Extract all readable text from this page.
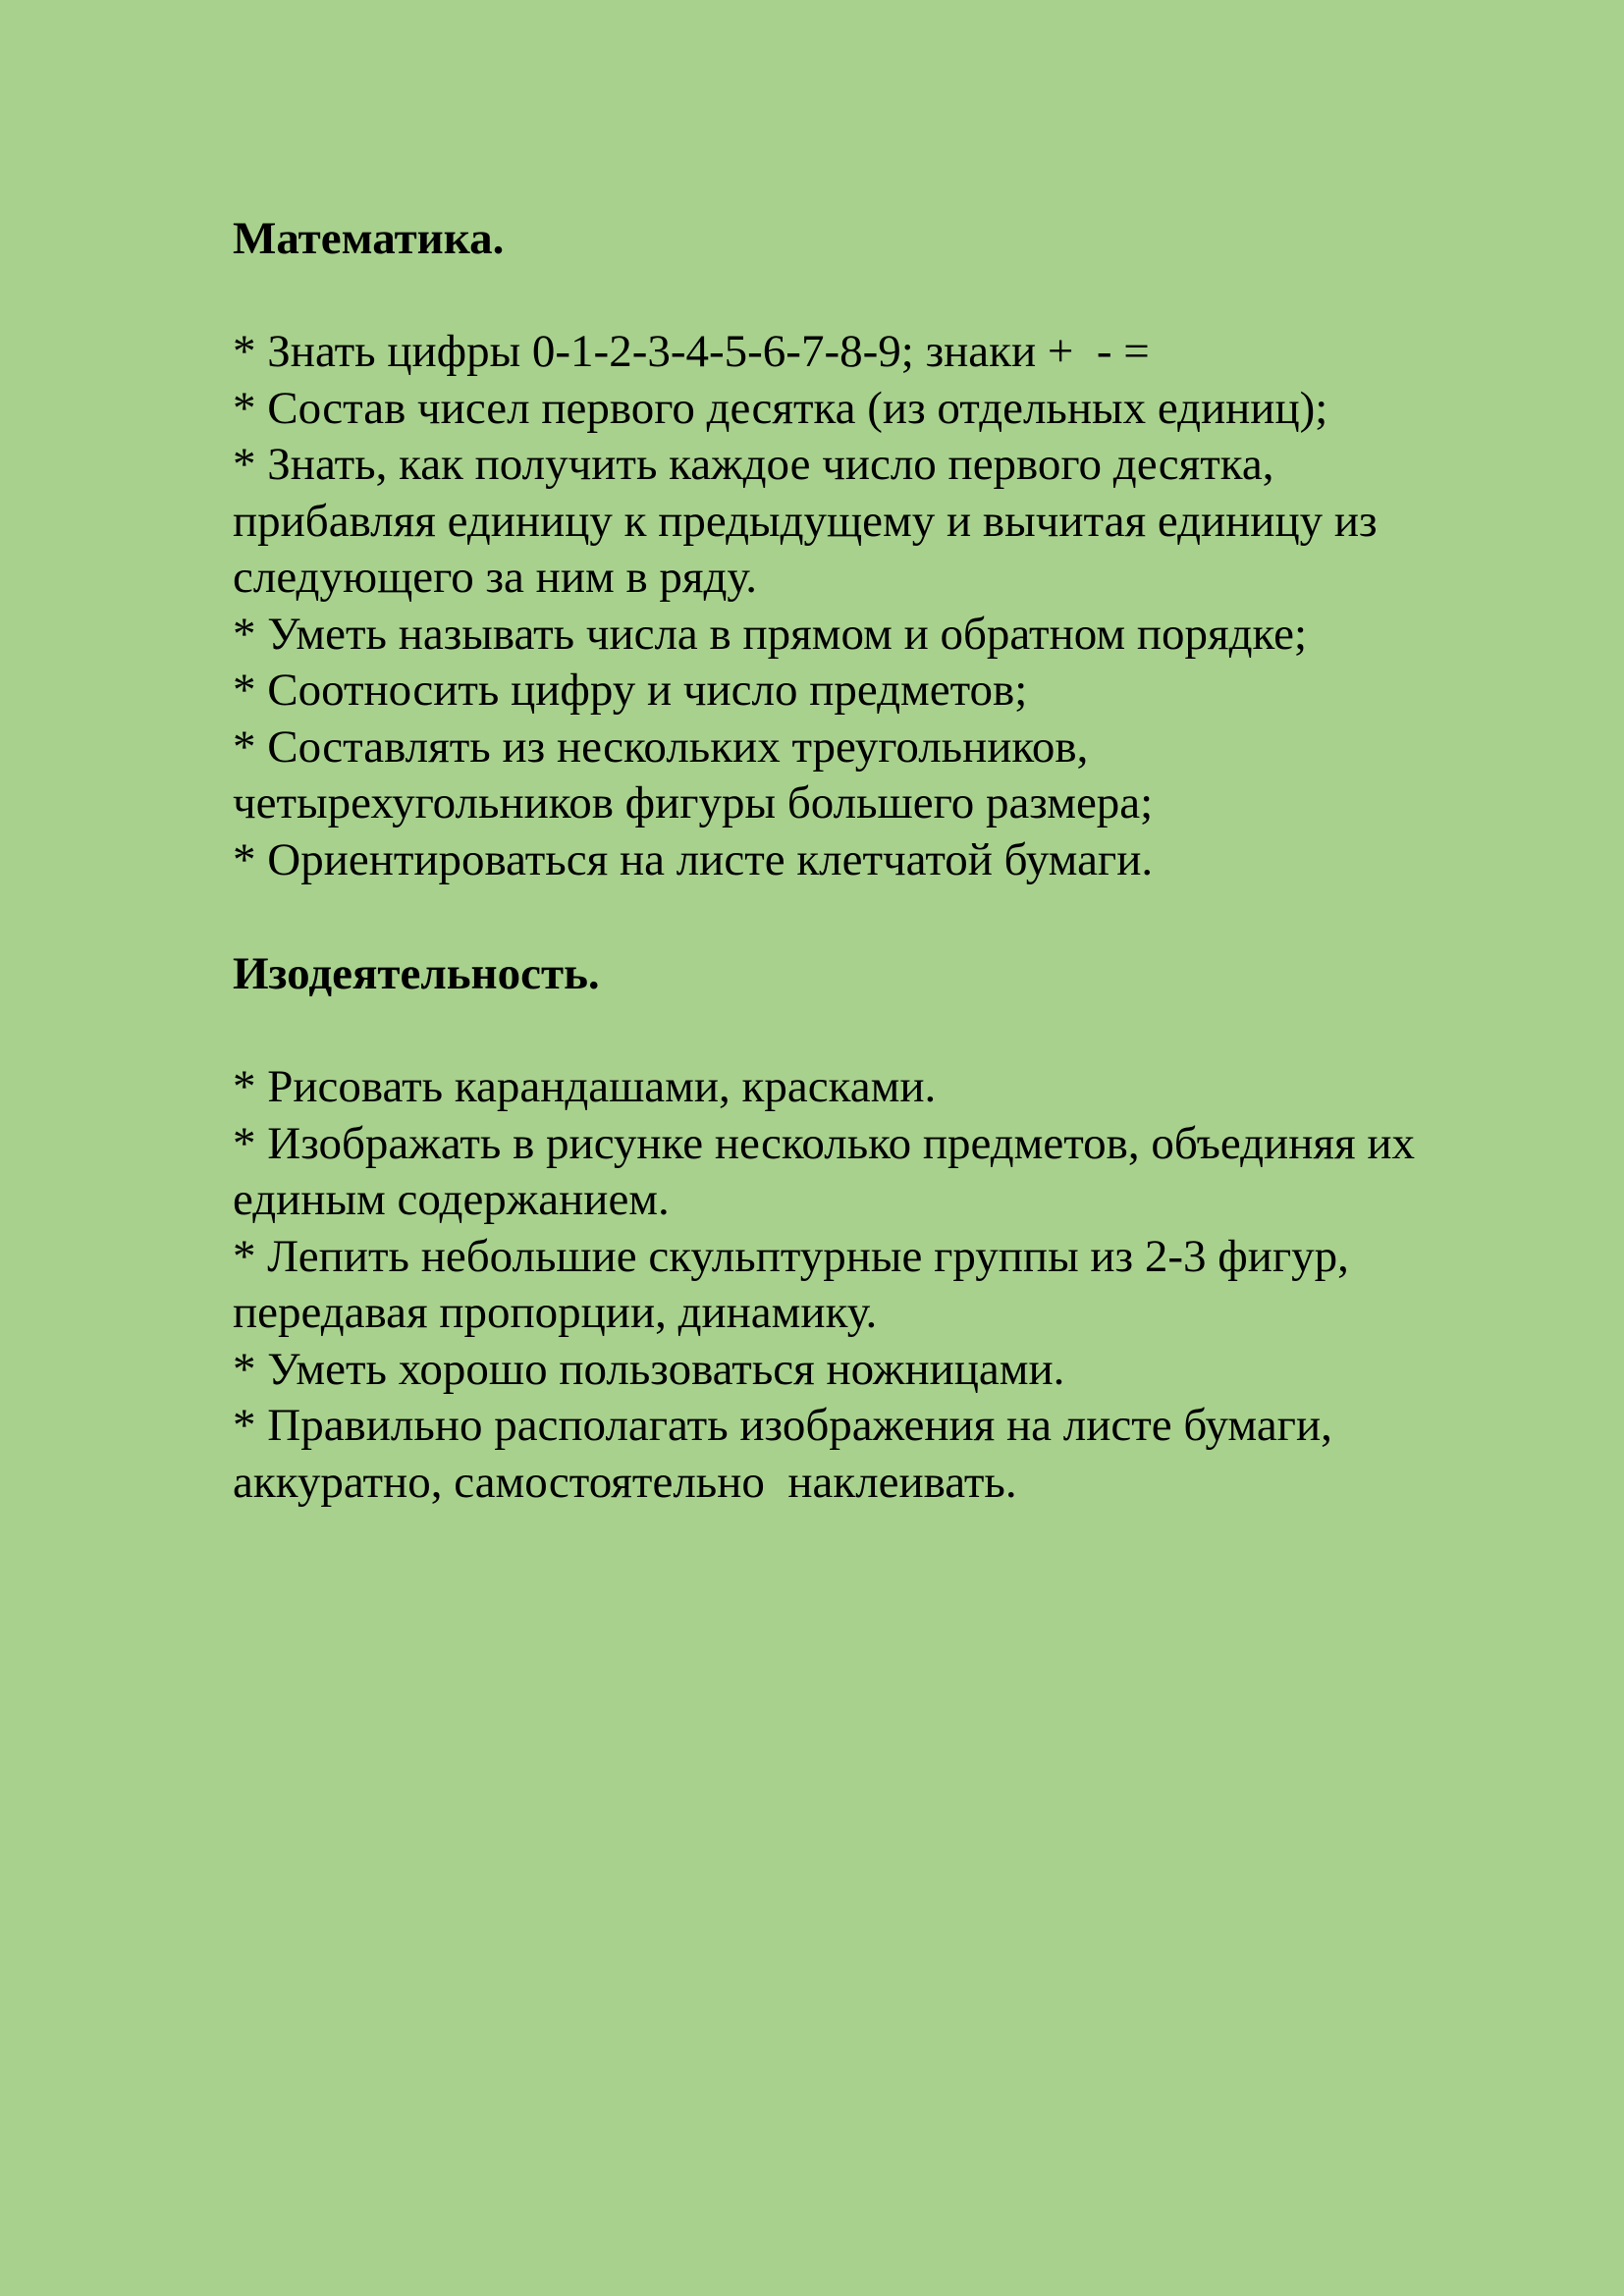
Математика.

* Знать цифры 0-1-2-3-4-5-6-7-8-9; знаки +  - =

* Состав чисел первого десятка (из отдельных единиц);

* Знать, как получить каждое число первого десятка,

прибавляя единицу к предыдущему и вычитая единицу из

следующего за ним в ряду.

* Уметь называть числа в прямом и обратном порядке;

* Соотносить цифру и число предметов;

* Составлять из нескольких треугольников,

четырехугольников фигуры большего размера;

* Ориентироваться на листе клетчатой бумаги.

Изодеятельность.

* Рисовать карандашами, красками.

* Изображать в рисунке несколько предметов, объединяя их

единым содержанием.

* Лепить небольшие скульптурные группы из 2-3 фигур,

передавая пропорции, динамику.

* Уметь хорошо пользоваться ножницами.

* Правильно располагать изображения на листе бумаги,

аккуратно, самостоятельно  наклеивать.
